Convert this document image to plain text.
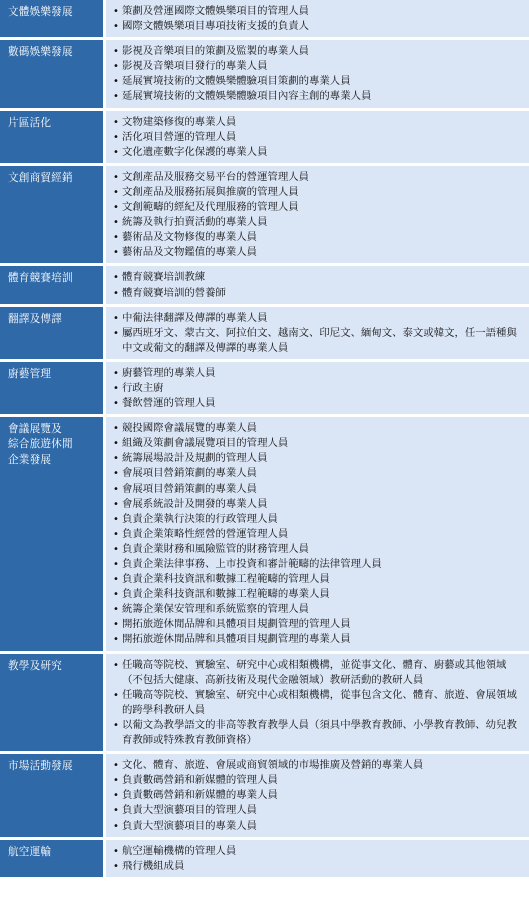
文體娛樂發展	• 策劃及營運國際文體娛樂項目的管理人員
• 國際文體娛樂項目專項技術支援的負責人
數碼娛樂發展	• 影視及音樂項目的策劃及監製的專業人員
• 影視及音樂項目發行的專業人員
• 延展實境技術的文體娛樂體驗項目策劃的專業人員
• 延展實境技術的文體娛樂體驗項目內容主創的專業人員
片區活化	• 文物建築修復的專業人員
• 活化項目營運的管理人員
• 文化遺產數字化保護的專業人員
文創商貿經銷	• 文創產品及服務交易平台的營運管理人員
• 文創產品及服務拓展與推廣的管理人員
• 文創範疇的經紀及代理服務的管理人員
• 統籌及執行拍賣活動的專業人員
• 藝術品及文物修復的專業人員
• 藝術品及文物鑑值的專業人員
體育競賽培訓	• 體育競賽培訓教練
• 體育競賽培訓的營養師
翻譯及傳譯	• 中葡法律翻譯及傳譯的專業人員
• 屬西班牙文、蒙古文、阿拉伯文、越南文、印尼文、緬甸文、泰文或韓文，任一語種與中文或葡文的翻譯及傳譯的專業人員
廚藝管理	• 廚藝管理的專業人員
• 行政主廚
• 餐飲營運的管理人員
會議展覽及
綜合旅遊休閒
企業發展
• 競投國際會議展覽的專業人員
• 組織及策劃會議展覽項目的管理人員
• 統籌展場設計及規劃的管理人員
• 會展項目營銷策劃的專業人員
• 會展項目營銷策劃的專業人員
• 會展系統設計及開發的專業人員
• 負責企業執行決策的行政管理人員
• 負責企業策略性經營的營運管理人員
• 負責企業財務和風險監管的財務管理人員
• 負責企業法律事務、上市投資和審計範疇的法律管理人員
• 負責企業科技資訊和數據工程範疇的管理人員
• 負責企業科技資訊和數據工程範疇的專業人員
• 統籌企業保安管理和系統監察的管理人員
• 開拓旅遊休閒品牌和具體項目規劃管理的管理人員
• 開拓旅遊休閒品牌和具體項目規劃管理的專業人員
教學及研究	• 任職高等院校、實驗室、研究中心或相類機構，並從事文化、體育、廚藝或其他領域（不包括大健康、高新技術及現代金融領域）教研活動的教研人員
• 任職高等院校、實驗室、研究中心或相類機構，從事包含文化、體育、旅遊、會展領域的跨學科教研人員
• 以葡文為教學語文的非高等教育教學人員（須具中學教育教師、小學教育教師、幼兒教育教師或特殊教育教師資格）
市場活動發展	• 文化、體育、旅遊、會展或商貿領域的市場推廣及營銷的專業人員
• 負責數碼營銷和新媒體的管理人員
• 負責數碼營銷和新媒體的專業人員
• 負責大型演藝項目的管理人員
• 負責大型演藝項目的專業人員
航空運輸	• 航空運輸機構的管理人員
• 飛行機組成員
